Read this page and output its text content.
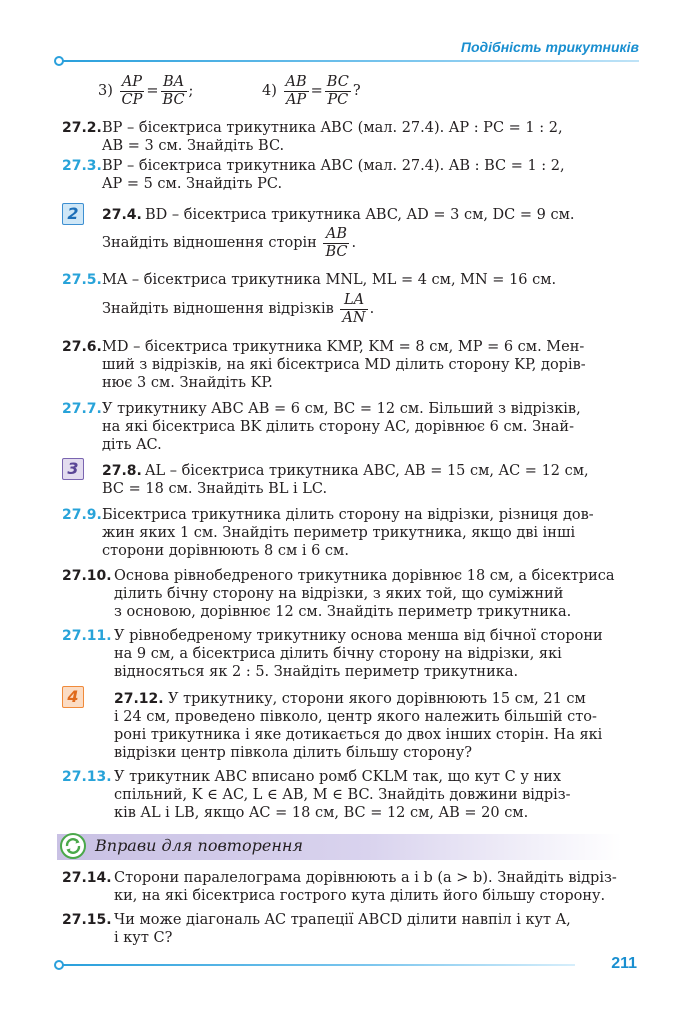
Подібність трикутників
$3) \frac{AP}{CP} = \frac{BA}{BC}$ ;	$4) \frac{AB}{AP} = \frac{BC}{PC}$ ?
27.2. BP – бісектриса трикутника ABC (мал. 27.4). AP : PC = 1 : 2,
AB = 3 см. Знайдіть BC.
27.3. BP – бісектриса трикутника ABC (мал. 27.4). AB : BC = 1 : 2,
AP = 5 см. Знайдіть PC.
2	27.4. BD – бісектриса трикутника ABC, AD = 3 см, DC = 9 см.
Знайдіть відношення сторін $\frac{AB}{BC}$ .
27.5. MA – бісектриса трикутника MNL, ML = 4 см, MN = 16 см.
Знайдіть відношення відрізків $\frac{LA}{AN}$ .
27.6. MD – бісектриса трикутника KMP, KM = 8 см, MP = 6 см. Мен-
ший з відрізків, на які бісектриса MD ділить сторону KP, дорів-
нює 3 см. Знайдіть KP.
27.7. У трикутнику ABC AB = 6 см, BC = 12 см. Більший з відрізків,
на які бісектриса BK ділить сторону AC, дорівнює 6 см. Знай-
діть AC.
3	27.8. AL – бісектриса трикутника ABC, AB = 15 см, AC = 12 см,
BC = 18 см. Знайдіть BL і LC.
27.9. Бісектриса трикутника ділить сторону на відрізки, різниця дов-
жин яких 1 см. Знайдіть периметр трикутника, якщо дві інші
сторони дорівнюють 8 см і 6 см.
27.10. Основа рівнобедреного трикутника дорівнює 18 см, а бісектриса
ділить бічну сторону на відрізки, з яких той, що суміжний
з основою, дорівнює 12 см. Знайдіть периметр трикутника.
27.11. У рівнобедреному трикутнику основа менша від бічної сторони
на 9 см, а бісектриса ділить бічну сторону на відрізки, які
відносяться як 2 : 5. Знайдіть периметр трикутника.
4	27.12. У трикутнику, сторони якого дорівнюють 15 см, 21 см
і 24 см, проведено півколо, центр якого належить більшій сто-
роні трикутника і яке дотикається до двох інших сторін. На які
відрізки центр півкола ділить більшу сторону?
27.13. У трикутник ABC вписано ромб CKLM так, що кут C у них
спільний, K ∈ AC, L ∈ AB, M ∈ BC. Знайдіть довжини відріз-
ків AL і LB, якщо AC = 18 см, BC = 12 см, AB = 20 см.
Вправи для повторення
27.14. Сторони паралелограма дорівнюють a і b (a > b). Знайдіть відріз-
ки, на які бісектриса гострого кута ділить його більшу сторону.
27.15. Чи може діагональ AC трапеції ABCD ділити навпіл і кут A,
і кут C?
211
